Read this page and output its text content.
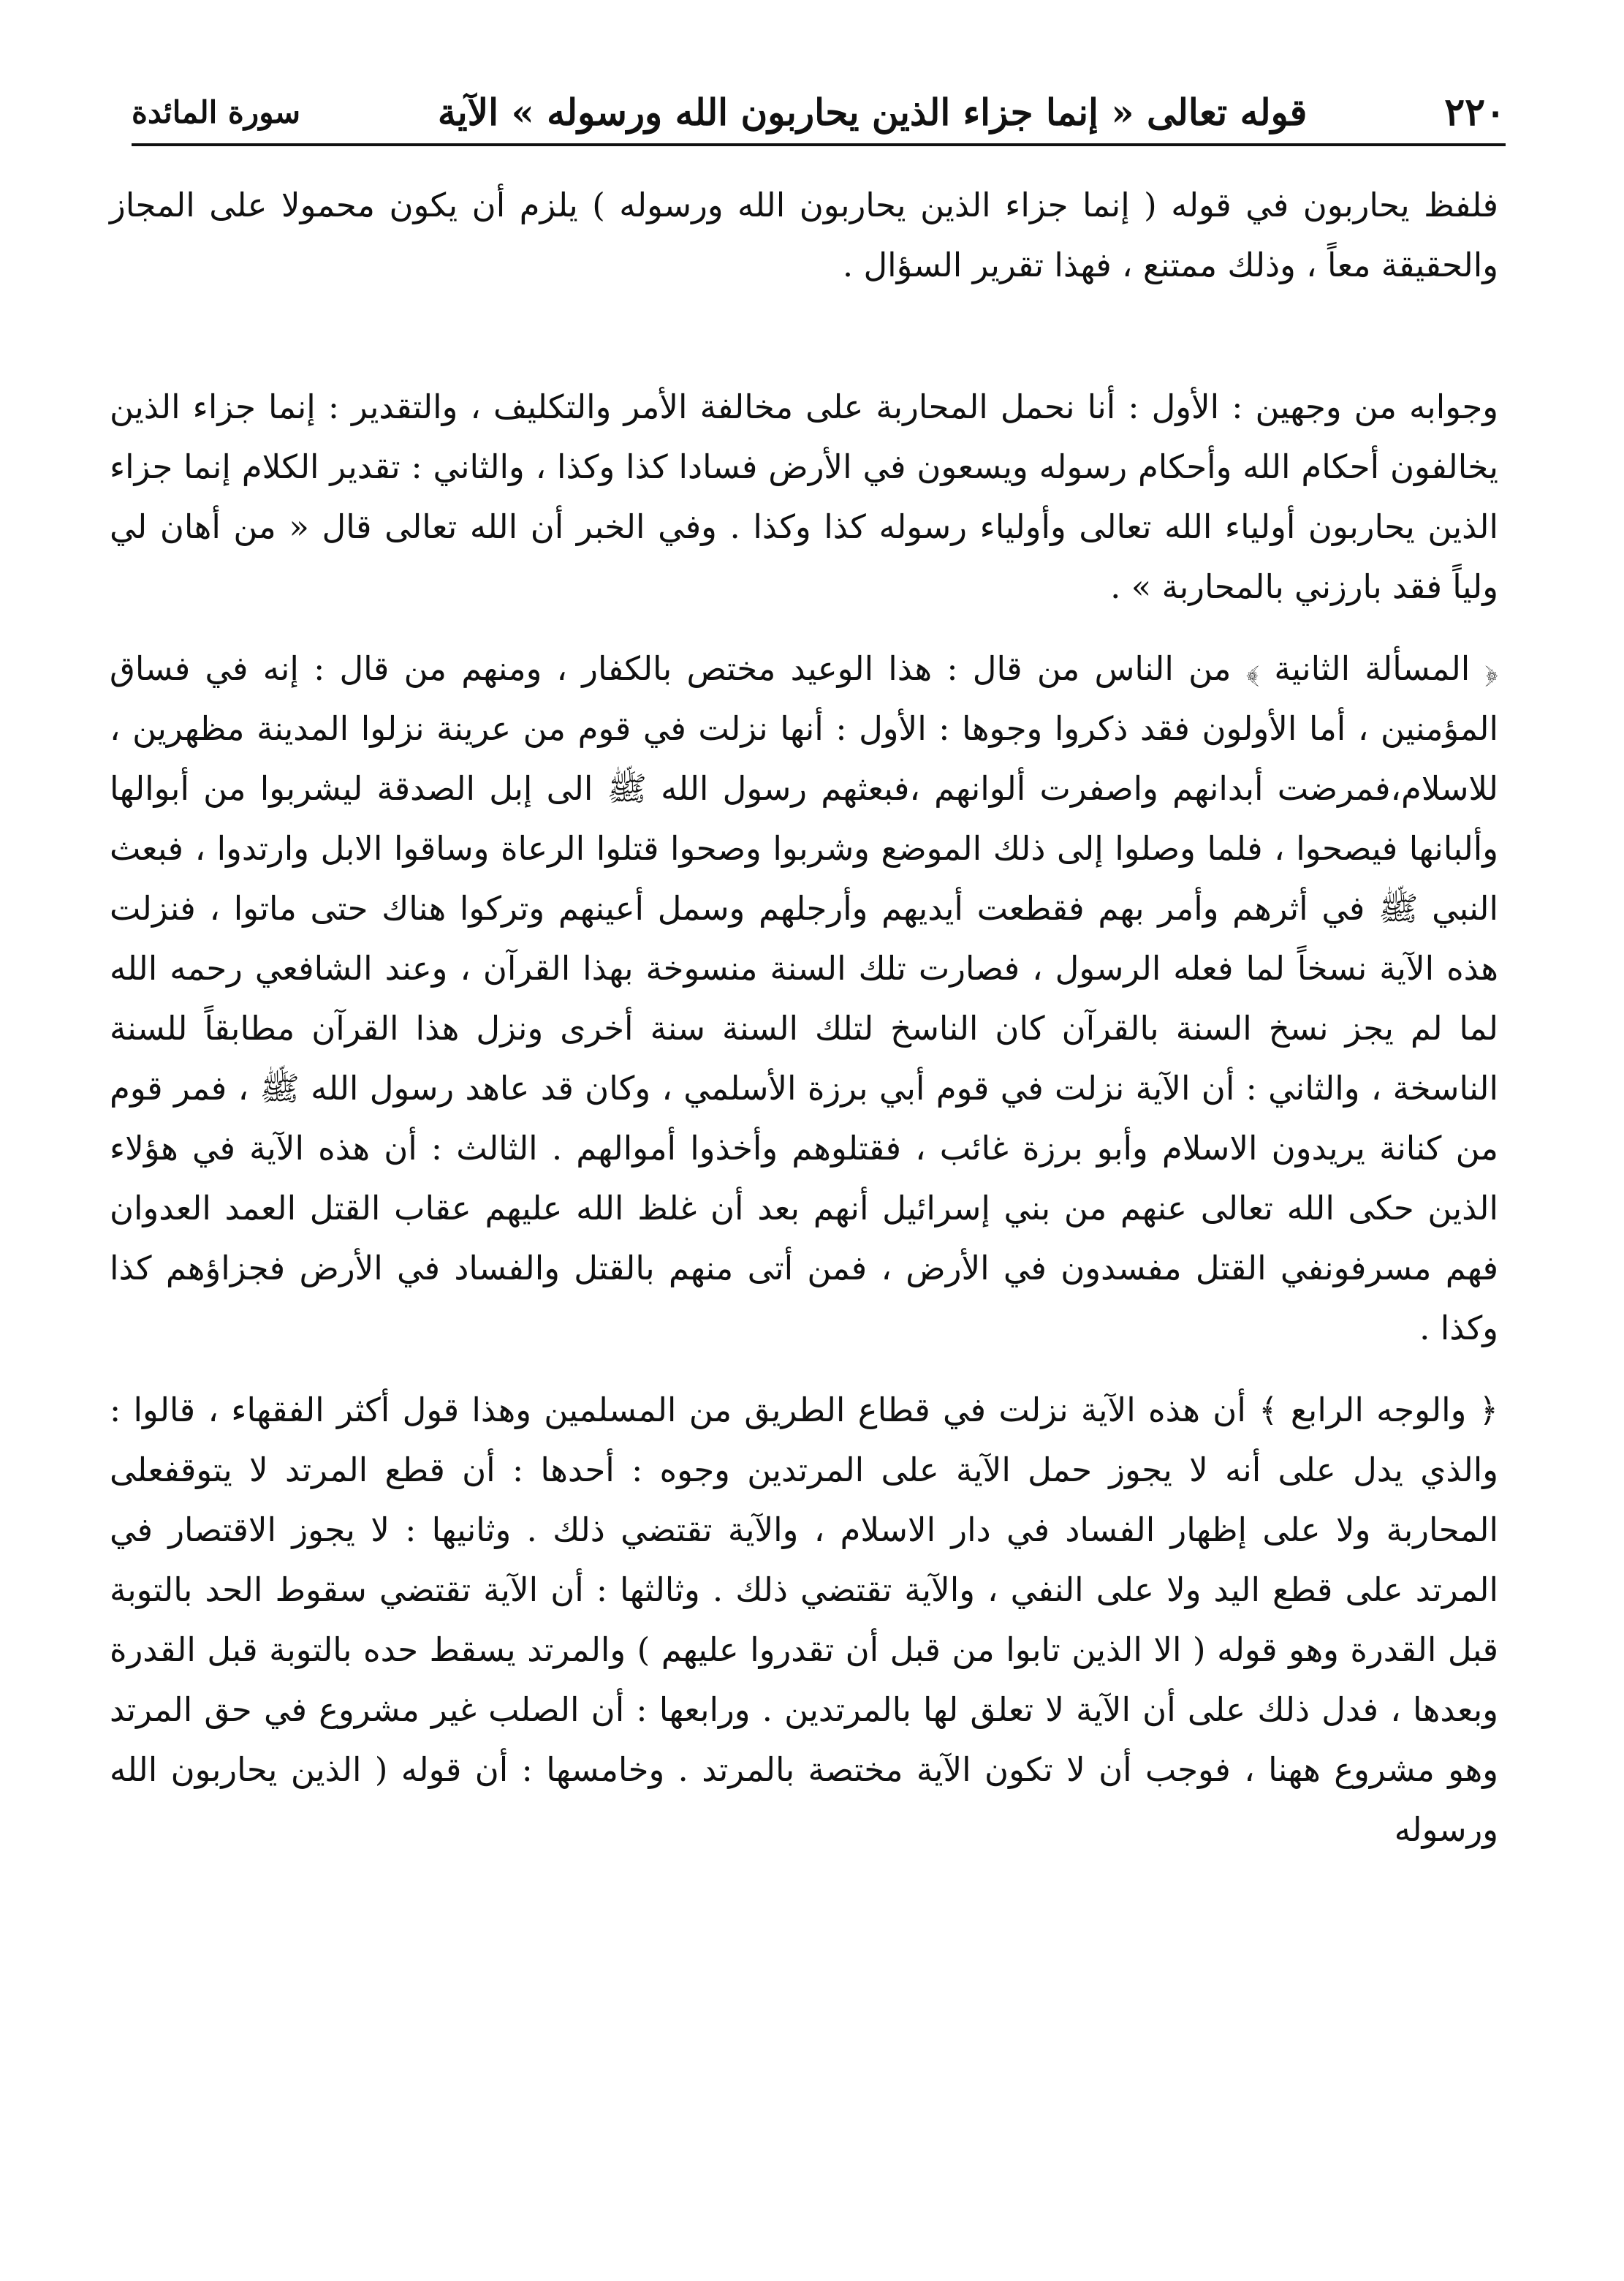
٢٢٠
قوله تعالى « إنما جزاء الذين يحاربون الله ورسوله » الآية
سورة المائدة

فلفظ يحاربون في قوله ( إنما جزاء الذين يحاربون الله ورسوله ) يلزم أن يكون محمولا على المجاز والحقيقة معاً ، وذلك ممتنع ، فهذا تقرير السؤال .

وجوابه من وجهين : الأول : أنا نحمل المحاربة على مخالفة الأمر والتكليف ، والتقدير : إنما جزاء الذين يخالفون أحكام الله وأحكام رسوله ويسعون في الأرض فسادا كذا وكذا ، والثاني : تقدير الكلام إنما جزاء الذين يحاربون أولياء الله تعالى وأولياء رسوله كذا وكذا . وفي الخبر أن الله تعالى قال « من أهان لي ولياً فقد بارزني بالمحاربة » .

﴿ المسألة الثانية ﴾ من الناس من قال : هذا الوعيد مختص بالكفار ، ومنهم من قال : إنه في فساق المؤمنين ، أما الأولون فقد ذكروا وجوها : الأول : أنها نزلت في قوم من عرينة نزلوا المدينة مظهرين ، للاسلام،فمرضت أبدانهم واصفرت ألوانهم ،فبعثهم رسول الله ﷺ الى إبل الصدقة ليشربوا من أبوالها وألبانها فيصحوا ، فلما وصلوا إلى ذلك الموضع وشربوا وصحوا قتلوا الرعاة وساقوا الابل وارتدوا ، فبعث النبي ﷺ في أثرهم وأمر بهم فقطعت أيديهم وأرجلهم وسمل أعينهم وتركوا هناك حتى ماتوا ، فنزلت هذه الآية نسخاً لما فعله الرسول ، فصارت تلك السنة منسوخة بهذا القرآن ، وعند الشافعي رحمه الله لما لم يجز نسخ السنة بالقرآن كان الناسخ لتلك السنة سنة أخرى ونزل هذا القرآن مطابقاً للسنة الناسخة ، والثاني : أن الآية نزلت في قوم أبي برزة الأسلمي ، وكان قد عاهد رسول الله ﷺ ، فمر قوم من كنانة يريدون الاسلام وأبو برزة غائب ، فقتلوهم وأخذوا أموالهم . الثالث : أن هذه الآية في هؤلاء الذين حكى الله تعالى عنهم من بني إسرائيل أنهم بعد أن غلظ الله عليهم عقاب القتل العمد العدوان فهم مسرفونفي القتل مفسدون في الأرض ، فمن أتى منهم بالقتل والفساد في الأرض فجزاؤهم كذا وكذا .

﴿ والوجه الرابع ﴾ أن هذه الآية نزلت في قطاع الطريق من المسلمين وهذا قول أكثر الفقهاء ، قالوا : والذي يدل على أنه لا يجوز حمل الآية على المرتدين وجوه : أحدها : أن قطع المرتد لا يتوقفعلى المحاربة ولا على إظهار الفساد في دار الاسلام ، والآية تقتضي ذلك . وثانيها : لا يجوز الاقتصار في المرتد على قطع اليد ولا على النفي ، والآية تقتضي ذلك . وثالثها : أن الآية تقتضي سقوط الحد بالتوبة قبل القدرة وهو قوله ( الا الذين تابوا من قبل أن تقدروا عليهم ) والمرتد يسقط حده بالتوبة قبل القدرة وبعدها ، فدل ذلك على أن الآية لا تعلق لها بالمرتدين . ورابعها : أن الصلب غير مشروع في حق المرتد وهو مشروع ههنا ، فوجب أن لا تكون الآية مختصة بالمرتد . وخامسها : أن قوله ( الذين يحاربون الله ورسوله
